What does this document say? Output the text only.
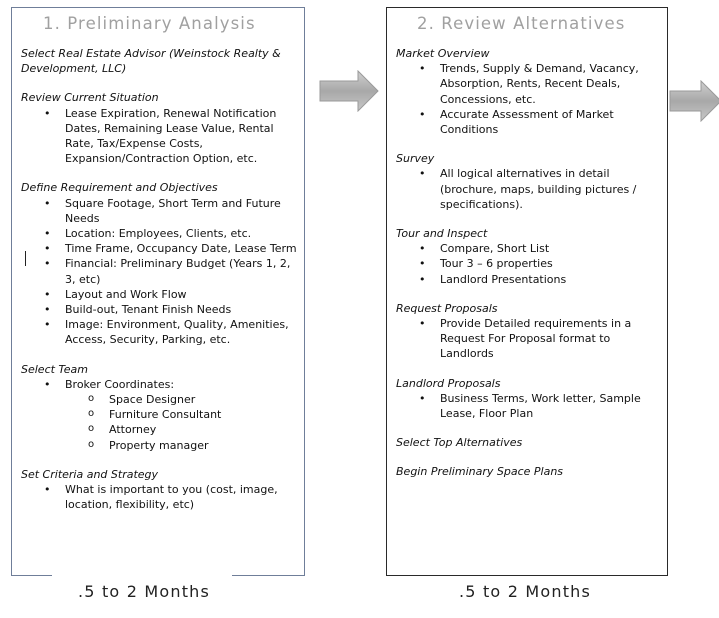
1. Preliminary Analysis

Select Real Estate Advisor (Weinstock Realty & Development, LLC)

Review Current Situation

• Lease Expiration, Renewal Notification Dates, Remaining Lease Value, Rental Rate, Tax/Expense Costs, Expansion/Contraction Option, etc.

Define Requirement and Objectives

• Square Footage, Short Term and Future Needs
• Location: Employees, Clients, etc.
• Time Frame, Occupancy Date, Lease Term
• Financial: Preliminary Budget (Years 1, 2, 3, etc)
• Layout and Work Flow
• Build-out, Tenant Finish Needs
• Image: Environment, Quality, Amenities, Access, Security, Parking, etc.

Select Team

• Broker Coordinates:
o Space Designer
o Furniture Consultant
o Attorney
o Property manager

Set Criteria and Strategy

• What is important to you (cost, image, location, flexibility, etc)
2. Review Alternatives

Market Overview

• Trends, Supply & Demand, Vacancy, Absorption, Rents, Recent Deals, Concessions, etc.
• Accurate Assessment of Market Conditions

Survey

• All logical alternatives in detail (brochure, maps, building pictures / specifications).

Tour and Inspect

• Compare, Short List
• Tour 3 – 6 properties
• Landlord Presentations

Request Proposals

• Provide Detailed requirements in a Request For Proposal format to Landlords

Landlord Proposals

• Business Terms, Work letter, Sample Lease, Floor Plan

Select Top Alternatives

Begin Preliminary Space Plans

.5 to 2 Months	.5 to 2 Months
